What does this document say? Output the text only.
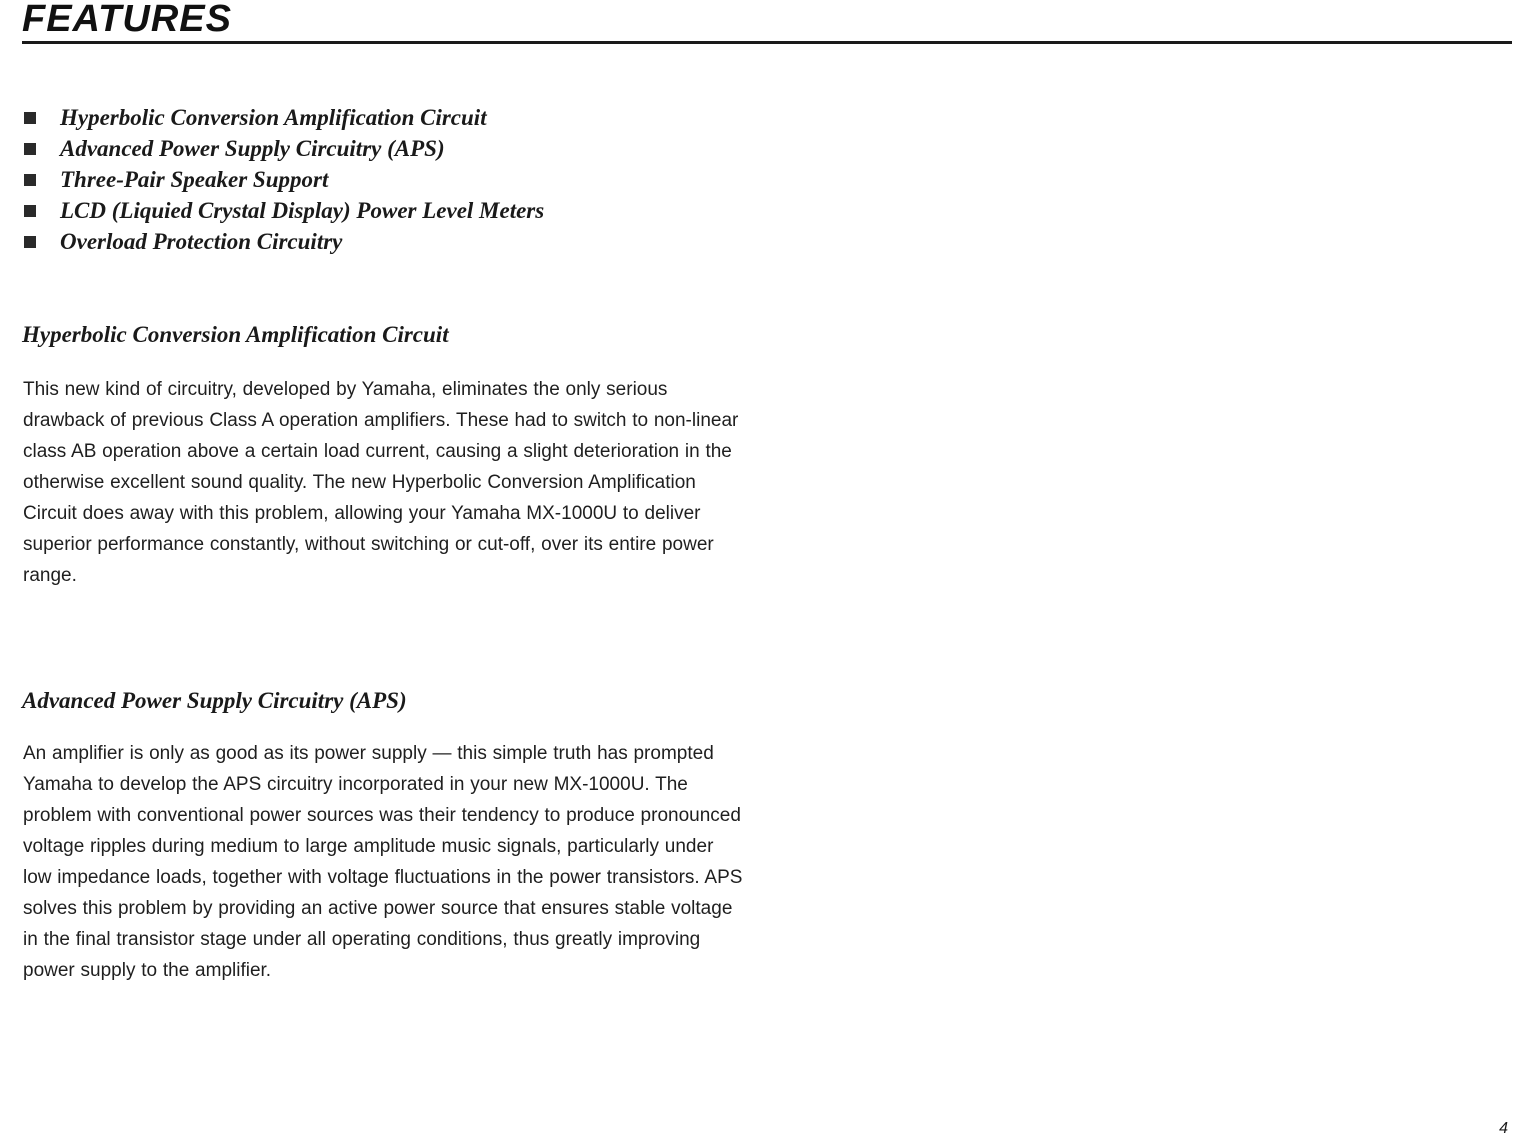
FEATURES
Hyperbolic Conversion Amplification Circuit
Advanced Power Supply Circuitry (APS)
Three-Pair Speaker Support
LCD (Liquied Crystal Display) Power Level Meters
Overload Protection Circuitry
Hyperbolic Conversion Amplification Circuit

This new kind of circuitry, developed by Yamaha, eliminates the only serious drawback of previous Class A operation amplifiers. These had to switch to non-linear class AB operation above a certain load current, causing a slight deterioration in the otherwise excellent sound quality. The new Hyperbolic Conversion Amplification Circuit does away with this problem, allowing your Yamaha MX-1000U to deliver superior performance constantly, without switching or cut-off, over its entire power range.

Advanced Power Supply Circuitry (APS)

An amplifier is only as good as its power supply — this simple truth has prompted Yamaha to develop the APS circuitry incorporated in your new MX-1000U. The problem with conventional power sources was their tendency to produce pronounced voltage ripples during medium to large amplitude music signals, particularly under low impedance loads, together with voltage fluctuations in the power transistors. APS solves this problem by providing an active power source that ensures stable voltage in the final transistor stage under all operating conditions, thus greatly improving power supply to the amplifier.

4
